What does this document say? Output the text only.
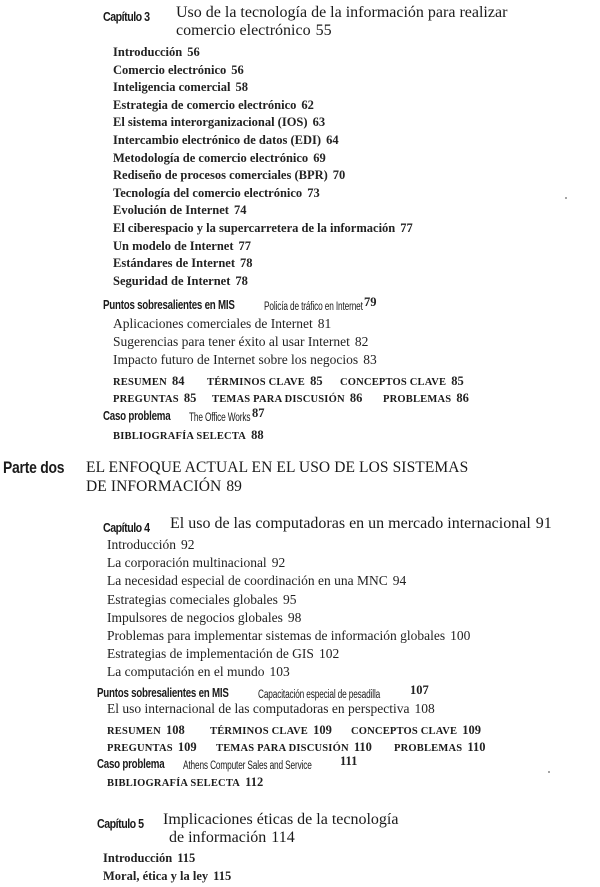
Capítulo 3	Uso de la tecnología de la información para realizar
comercio electrónico 55
Introducción 56
Comercio electrónico 56
Inteligencia comercial 58
Estrategia de comercio electrónico 62
El sistema interorganizacional (IOS) 63
Intercambio electrónico de datos (EDI) 64
Metodología de comercio electrónico 69
Rediseño de procesos comerciales (BPR) 70
Tecnología del comercio electrónico 73
Evolución de Internet 74
El ciberespacio y la supercarretera de la información 77
Un modelo de Internet 77
Estándares de Internet 78
Seguridad de Internet 78
Puntos sobresalientes en MIS	Policía de tráfico en Internet 79
Aplicaciones comerciales de Internet 81
Sugerencias para tener éxito al usar Internet 82
Impacto futuro de Internet sobre los negocios 83
RESUMEN 84 TÉRMINOS CLAVE 85 CONCEPTOS CLAVE 85
PREGUNTAS 85 TEMAS PARA DISCUSIÓN 86 PROBLEMAS 86
Caso problema	The Office Works 87
BIBLIOGRAFÍA SELECTA 88
Parte dos	EL ENFOQUE ACTUAL EN EL USO DE LOS SISTEMAS
DE INFORMACIÓN 89
Capítulo 4	El uso de las computadoras en un mercado internacional 91
Introducción 92
La corporación multinacional 92
La necesidad especial de coordinación en una MNC 94
Estrategias comeciales globales 95
Impulsores de negocios globales 98
Problemas para implementar sistemas de información globales 100
Estrategias de implementación de GIS 102
La computación en el mundo 103
Puntos sobresalientes en MIS	Capacitación especial de pesadilla	107
El uso internacional de las computadoras en perspectiva 108
RESUMEN 108 TÉRMINOS CLAVE 109 CONCEPTOS CLAVE 109
PREGUNTAS 109 TEMAS PARA DISCUSIÓN 110 PROBLEMAS 110
Caso problema	Athens Computer Sales and Service	111
BIBLIOGRAFÍA SELECTA 112
Capítulo 5	Implicaciones éticas de la tecnología
de información 114
Introducción 115
Moral, ética y la ley 115
